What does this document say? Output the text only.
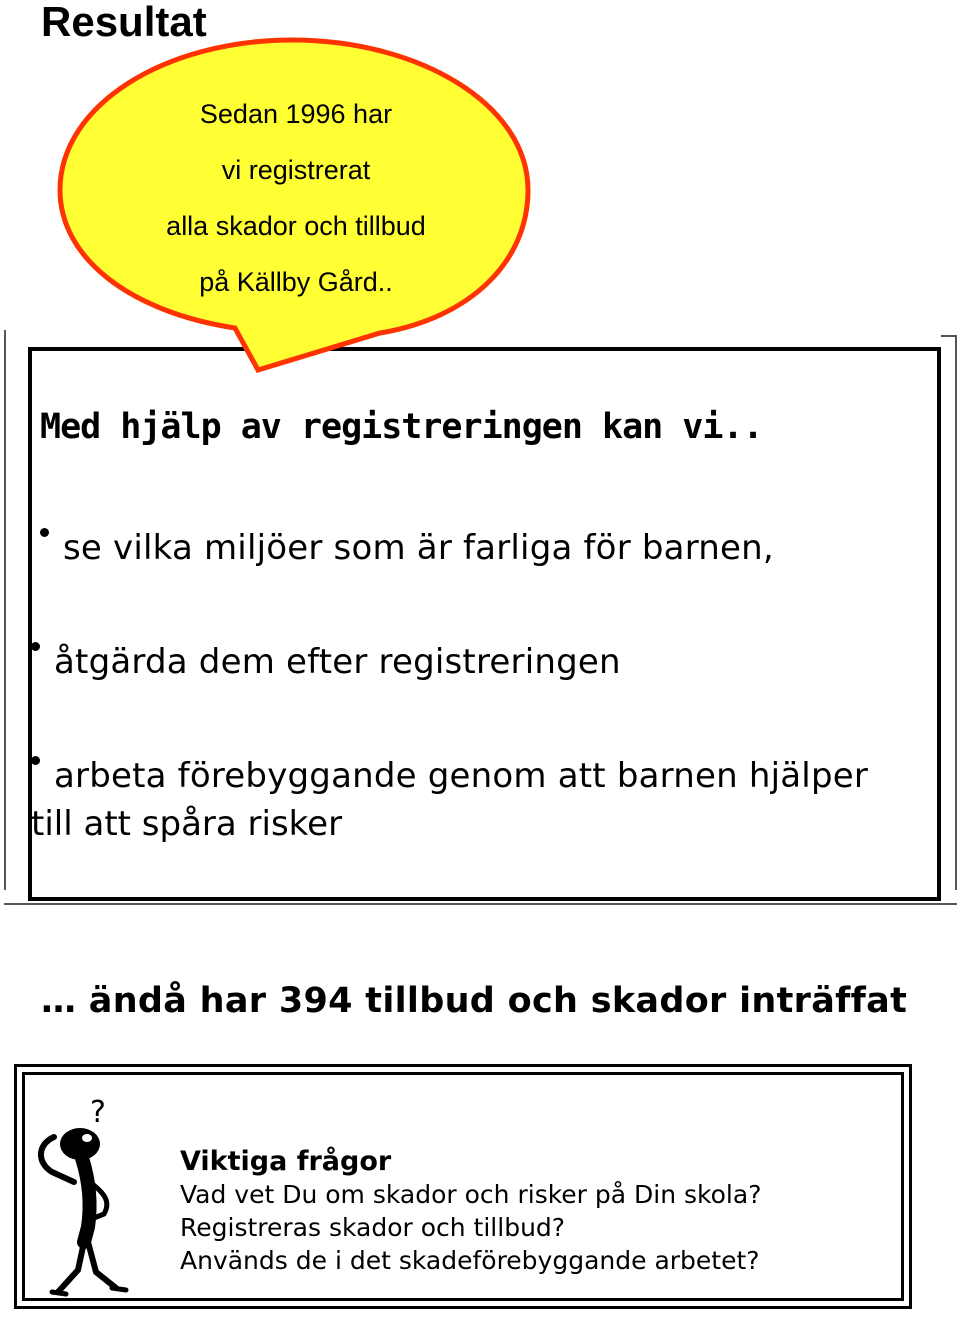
Resultat
Sedan 1996 har
vi registrerat
alla skador och tillbud
på Källby Gård..

Med hjälp av registreringen kan vi..

se vilka miljöer som är farliga för barnen,
åtgärda dem efter registreringen
arbeta förebyggande genom att barnen hjälper
till att spåra risker

… ändå har 394 tillbud och skador inträffat

?
Viktiga frågor
Vad vet Du om skador och risker på Din skola?
Registreras skador och tillbud?
Används de i det skadeförebyggande arbetet?
